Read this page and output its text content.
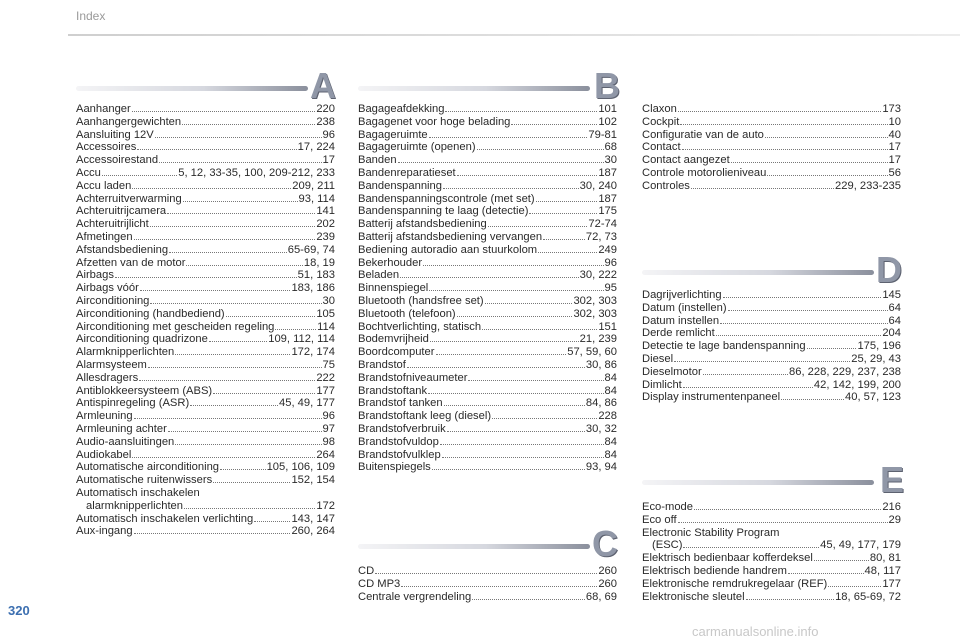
Index
A
Aanhanger	220
Aanhangergewichten	238
Aansluiting 12V	96
Accessoires	17, 224
Accessoirestand	17
Accu	5, 12, 33-35, 100, 209-212, 233
Accu laden	209, 211
Achterruitverwarming	93, 114
Achteruitrijcamera	141
Achteruitrijlicht	202
Afmetingen	239
Afstandsbediening	65-69, 74
Afzetten van de motor	18, 19
Airbags	51, 183
Airbags vóór	183, 186
Airconditioning	30
Airconditioning (handbediend)	105
Airconditioning met gescheiden regeling	114
Airconditioning quadrizone	109, 112, 114
Alarmknipperlichten	172, 174
Alarmsysteem	75
Allesdragers	222
Antiblokkeersysteem (ABS)	177
Antispinregeling (ASR)	45, 49, 177
Armleuning	96
Armleuning achter	97
Audio-aansluitingen	98
Audiokabel	264
Automatische airconditioning	105, 106, 109
Automatische ruitenwissers	152, 154
Automatisch inschakelen
alarmknipperlichten	172
Automatisch inschakelen verlichting	143, 147
Aux-ingang	260, 264
B
Bagageafdekking	101
Bagagenet voor hoge belading	102
Bagageruimte	79-81
Bagageruimte (openen)	68
Banden	30
Bandenreparatieset	187
Bandenspanning	30, 240
Bandenspanningscontrole (met set)	187
Bandenspanning te laag (detectie)	175
Batterij afstandsbediening	72-74
Batterij afstandsbediening vervangen	72, 73
Bediening autoradio aan stuurkolom	249
Bekerhouder	96
Beladen	30, 222
Binnenspiegel	95
Bluetooth (handsfree set)	302, 303
Bluetooth (telefoon)	302, 303
Bochtverlichting, statisch	151
Bodemvrijheid	21, 239
Boordcomputer	57, 59, 60
Brandstof	30, 86
Brandstofniveaumeter	84
Brandstoftank	84
Brandstof tanken	84, 86
Brandstoftank leeg (diesel)	228
Brandstofverbruik	30, 32
Brandstofvuldop	84
Brandstofvulklep	84
Buitenspiegels	93, 94
Claxon	173
Cockpit	10
Configuratie van de auto	40
Contact	17
Contact aangezet	17
Controle motorolieniveau	56
Controles	229, 233-235
C
CD	260
CD MP3	260
Centrale vergrendeling	68, 69
D
Dagrijverlichting	145
Datum (instellen)	64
Datum instellen	64
Derde remlicht	204
Detectie te lage bandenspanning	175, 196
Diesel	25, 29, 43
Dieselmotor	86, 228, 229, 237, 238
Dimlicht	42, 142, 199, 200
Display instrumentenpaneel	40, 57, 123
E
Eco-mode	216
Eco off	29
Electronic Stability Program
(ESC)	45, 49, 177, 179
Elektrisch bedienbaar kofferdeksel	80, 81
Elektrisch bediende handrem	48, 117
Elektronische remdrukregelaar (REF)	177
Elektronische sleutel	18, 65-69, 72
320
carmanualsonline.info
